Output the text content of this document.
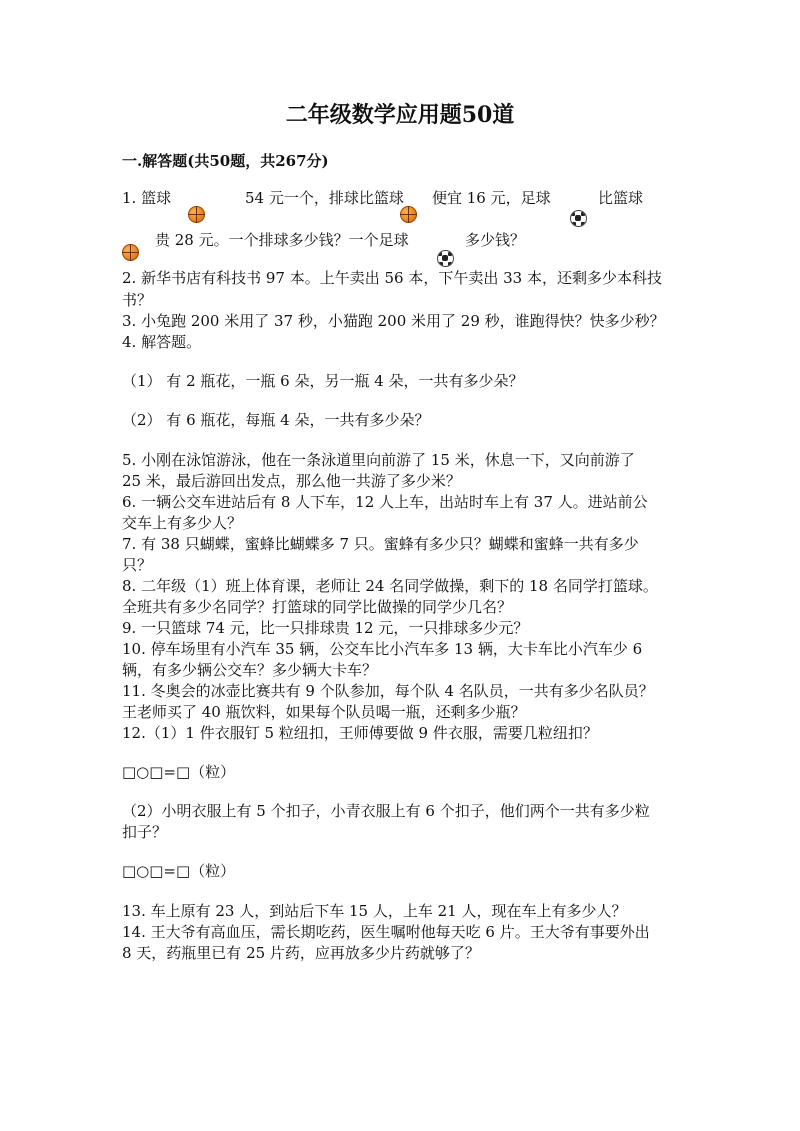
二年级数学应用题50道
一.解答题(共50题，共267分)
1. 篮球	54 元一个，排球比篮球 便宜 16 元，足球	比篮球
贵 28 元。一个排球多少钱？一个足球	多少钱？
2. 新华书店有科技书 97 本。上午卖出 56 本，下午卖出 33 本，还剩多少本科技
书？
3. 小兔跑 200 米用了 37 秒，小猫跑 200 米用了 29 秒，谁跑得快？快多少秒？
4. 解答题。
（1） 有 2 瓶花，一瓶 6 朵，另一瓶 4 朵，一共有多少朵？
（2） 有 6 瓶花，每瓶 4 朵，一共有多少朵？
5. 小刚在泳馆游泳，他在一条泳道里向前游了 15 米，休息一下，又向前游了
25 米，最后游回出发点，那么他一共游了多少米？
6. 一辆公交车进站后有 8 人下车，12 人上车，出站时车上有 37 人。进站前公
交车上有多少人？
7. 有 38 只蝴蝶，蜜蜂比蝴蝶多 7 只。蜜蜂有多少只？蝴蝶和蜜蜂一共有多少
只？
8. 二年级（1）班上体育课，老师让 24 名同学做操，剩下的 18 名同学打篮球。
全班共有多少名同学？打篮球的同学比做操的同学少几名？
9. 一只篮球 74 元，比一只排球贵 12 元，一只排球多少元？
10. 停车场里有小汽车 35 辆，公交车比小汽车多 13 辆，大卡车比小汽车少 6
辆，有多少辆公交车？多少辆大卡车？
11. 冬奥会的冰壶比赛共有 9 个队参加，每个队 4 名队员，一共有多少名队员？
王老师买了 40 瓶饮料，如果每个队员喝一瓶，还剩多少瓶？
12.（1）1 件衣服钉 5 粒纽扣，王师傅要做 9 件衣服，需要几粒纽扣？
□○□=□（粒）
（2）小明衣服上有 5 个扣子，小青衣服上有 6 个扣子，他们两个一共有多少粒
扣子？
□○□=□（粒）
13. 车上原有 23 人，到站后下车 15 人，上车 21 人，现在车上有多少人？
14. 王大爷有高血压，需长期吃药，医生嘱咐他每天吃 6 片。王大爷有事要外出
8 天，药瓶里已有 25 片药，应再放多少片药就够了？
